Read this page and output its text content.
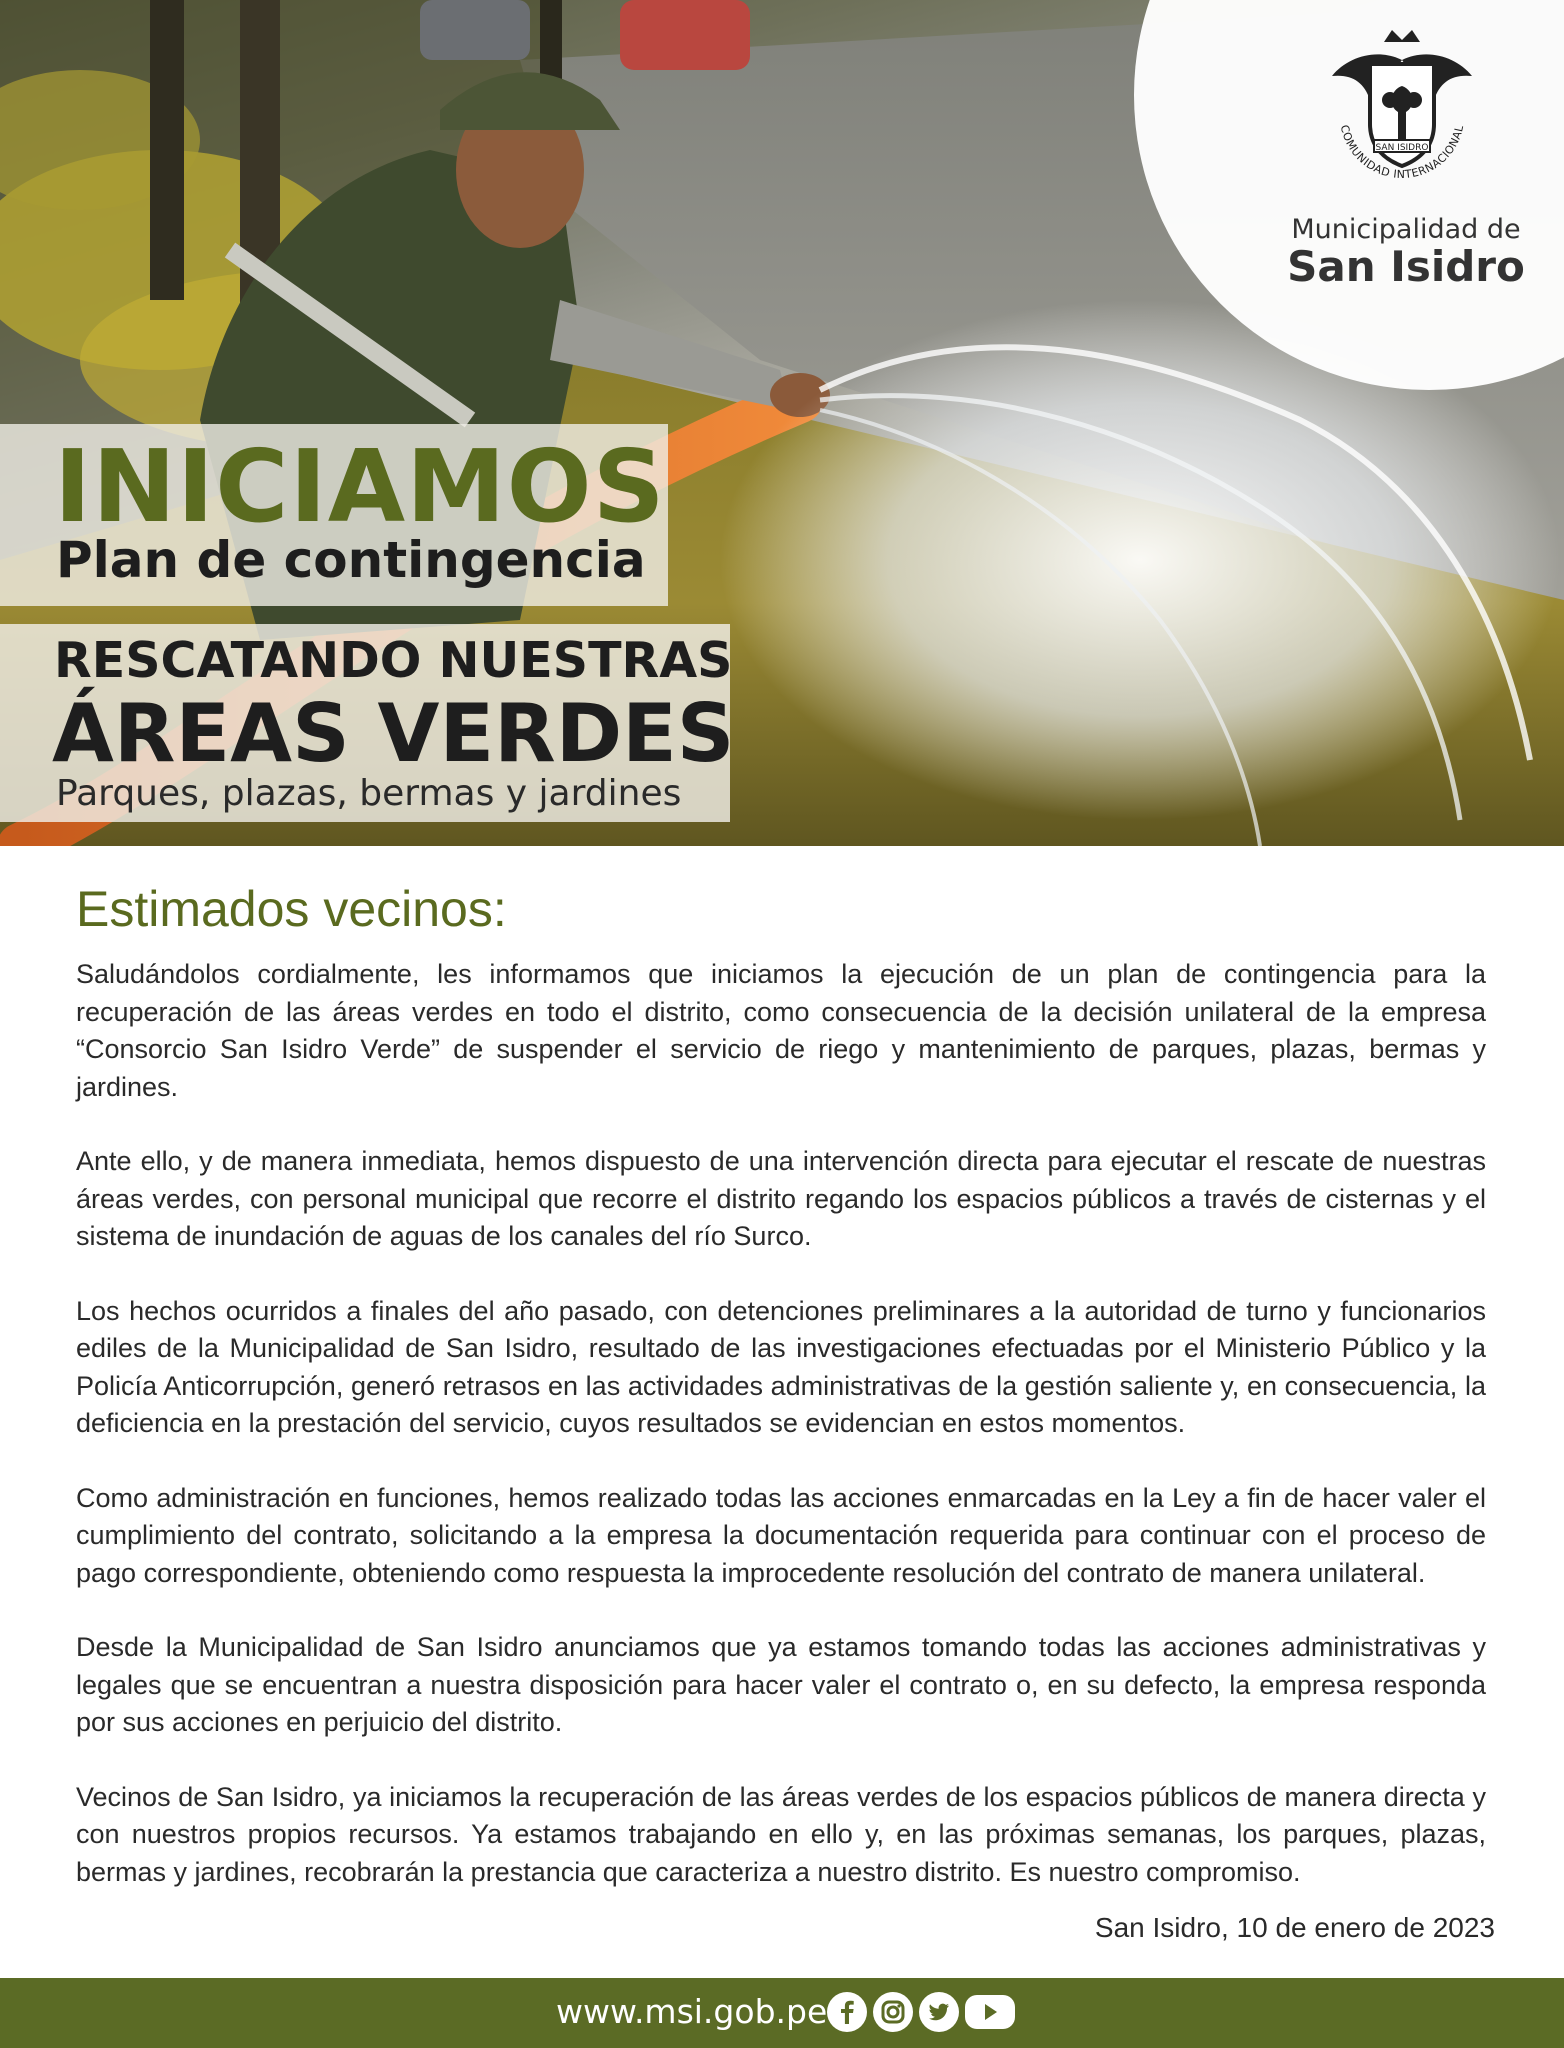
SAN ISIDRO
COMUNIDAD INTERNACIONAL
Municipalidad de
San Isidro
INICIAMOS
Plan de contingencia
RESCATANDO NUESTRAS
ÁREAS VERDES
Parques, plazas, bermas y jardines
Estimados vecinos:

Saludándolos cordialmente, les informamos que iniciamos la ejecución de un plan de contingencia para la recuperación de las áreas verdes en todo el distrito, como consecuencia de la decisión unilateral de la empresa “Consorcio San Isidro Verde” de suspender el servicio de riego y mantenimiento de parques, plazas, bermas y jardines.

Ante ello, y de manera inmediata, hemos dispuesto de una intervención directa para ejecutar el rescate de nuestras áreas verdes, con personal municipal que recorre el distrito regando los espacios públicos a través de cisternas y el sistema de inundación de aguas de los canales del río Surco.

Los hechos ocurridos a finales del año pasado, con detenciones preliminares a la autoridad de turno y funcionarios ediles de la Municipalidad de San Isidro, resultado de las investigaciones efectuadas por el Ministerio Público y la Policía Anticorrupción, generó retrasos en las actividades administrativas de la gestión saliente y, en consecuencia, la deficiencia en la prestación del servicio, cuyos resultados se evidencian en estos momentos.

Como administración en funciones, hemos realizado todas las acciones enmarcadas en la Ley a fin de hacer valer el cumplimiento del contrato, solicitando a la empresa la documentación requerida para continuar con el proceso de pago correspondiente, obteniendo como respuesta la improcedente resolución del contrato de manera unilateral.

Desde la Municipalidad de San Isidro anunciamos que ya estamos tomando todas las acciones administrativas y legales que se encuentran a nuestra disposición para hacer valer el contrato o, en su defecto, la empresa responda por sus acciones en perjuicio del distrito.

Vecinos de San Isidro, ya iniciamos la recuperación de las áreas verdes de los espacios públicos de manera directa y con nuestros propios recursos. Ya estamos trabajando en ello y, en las próximas semanas, los parques, plazas, bermas y jardines, recobrarán la prestancia que caracteriza a nuestro distrito. Es nuestro compromiso.

San Isidro, 10 de enero de 2023
www.msi.gob.pe
